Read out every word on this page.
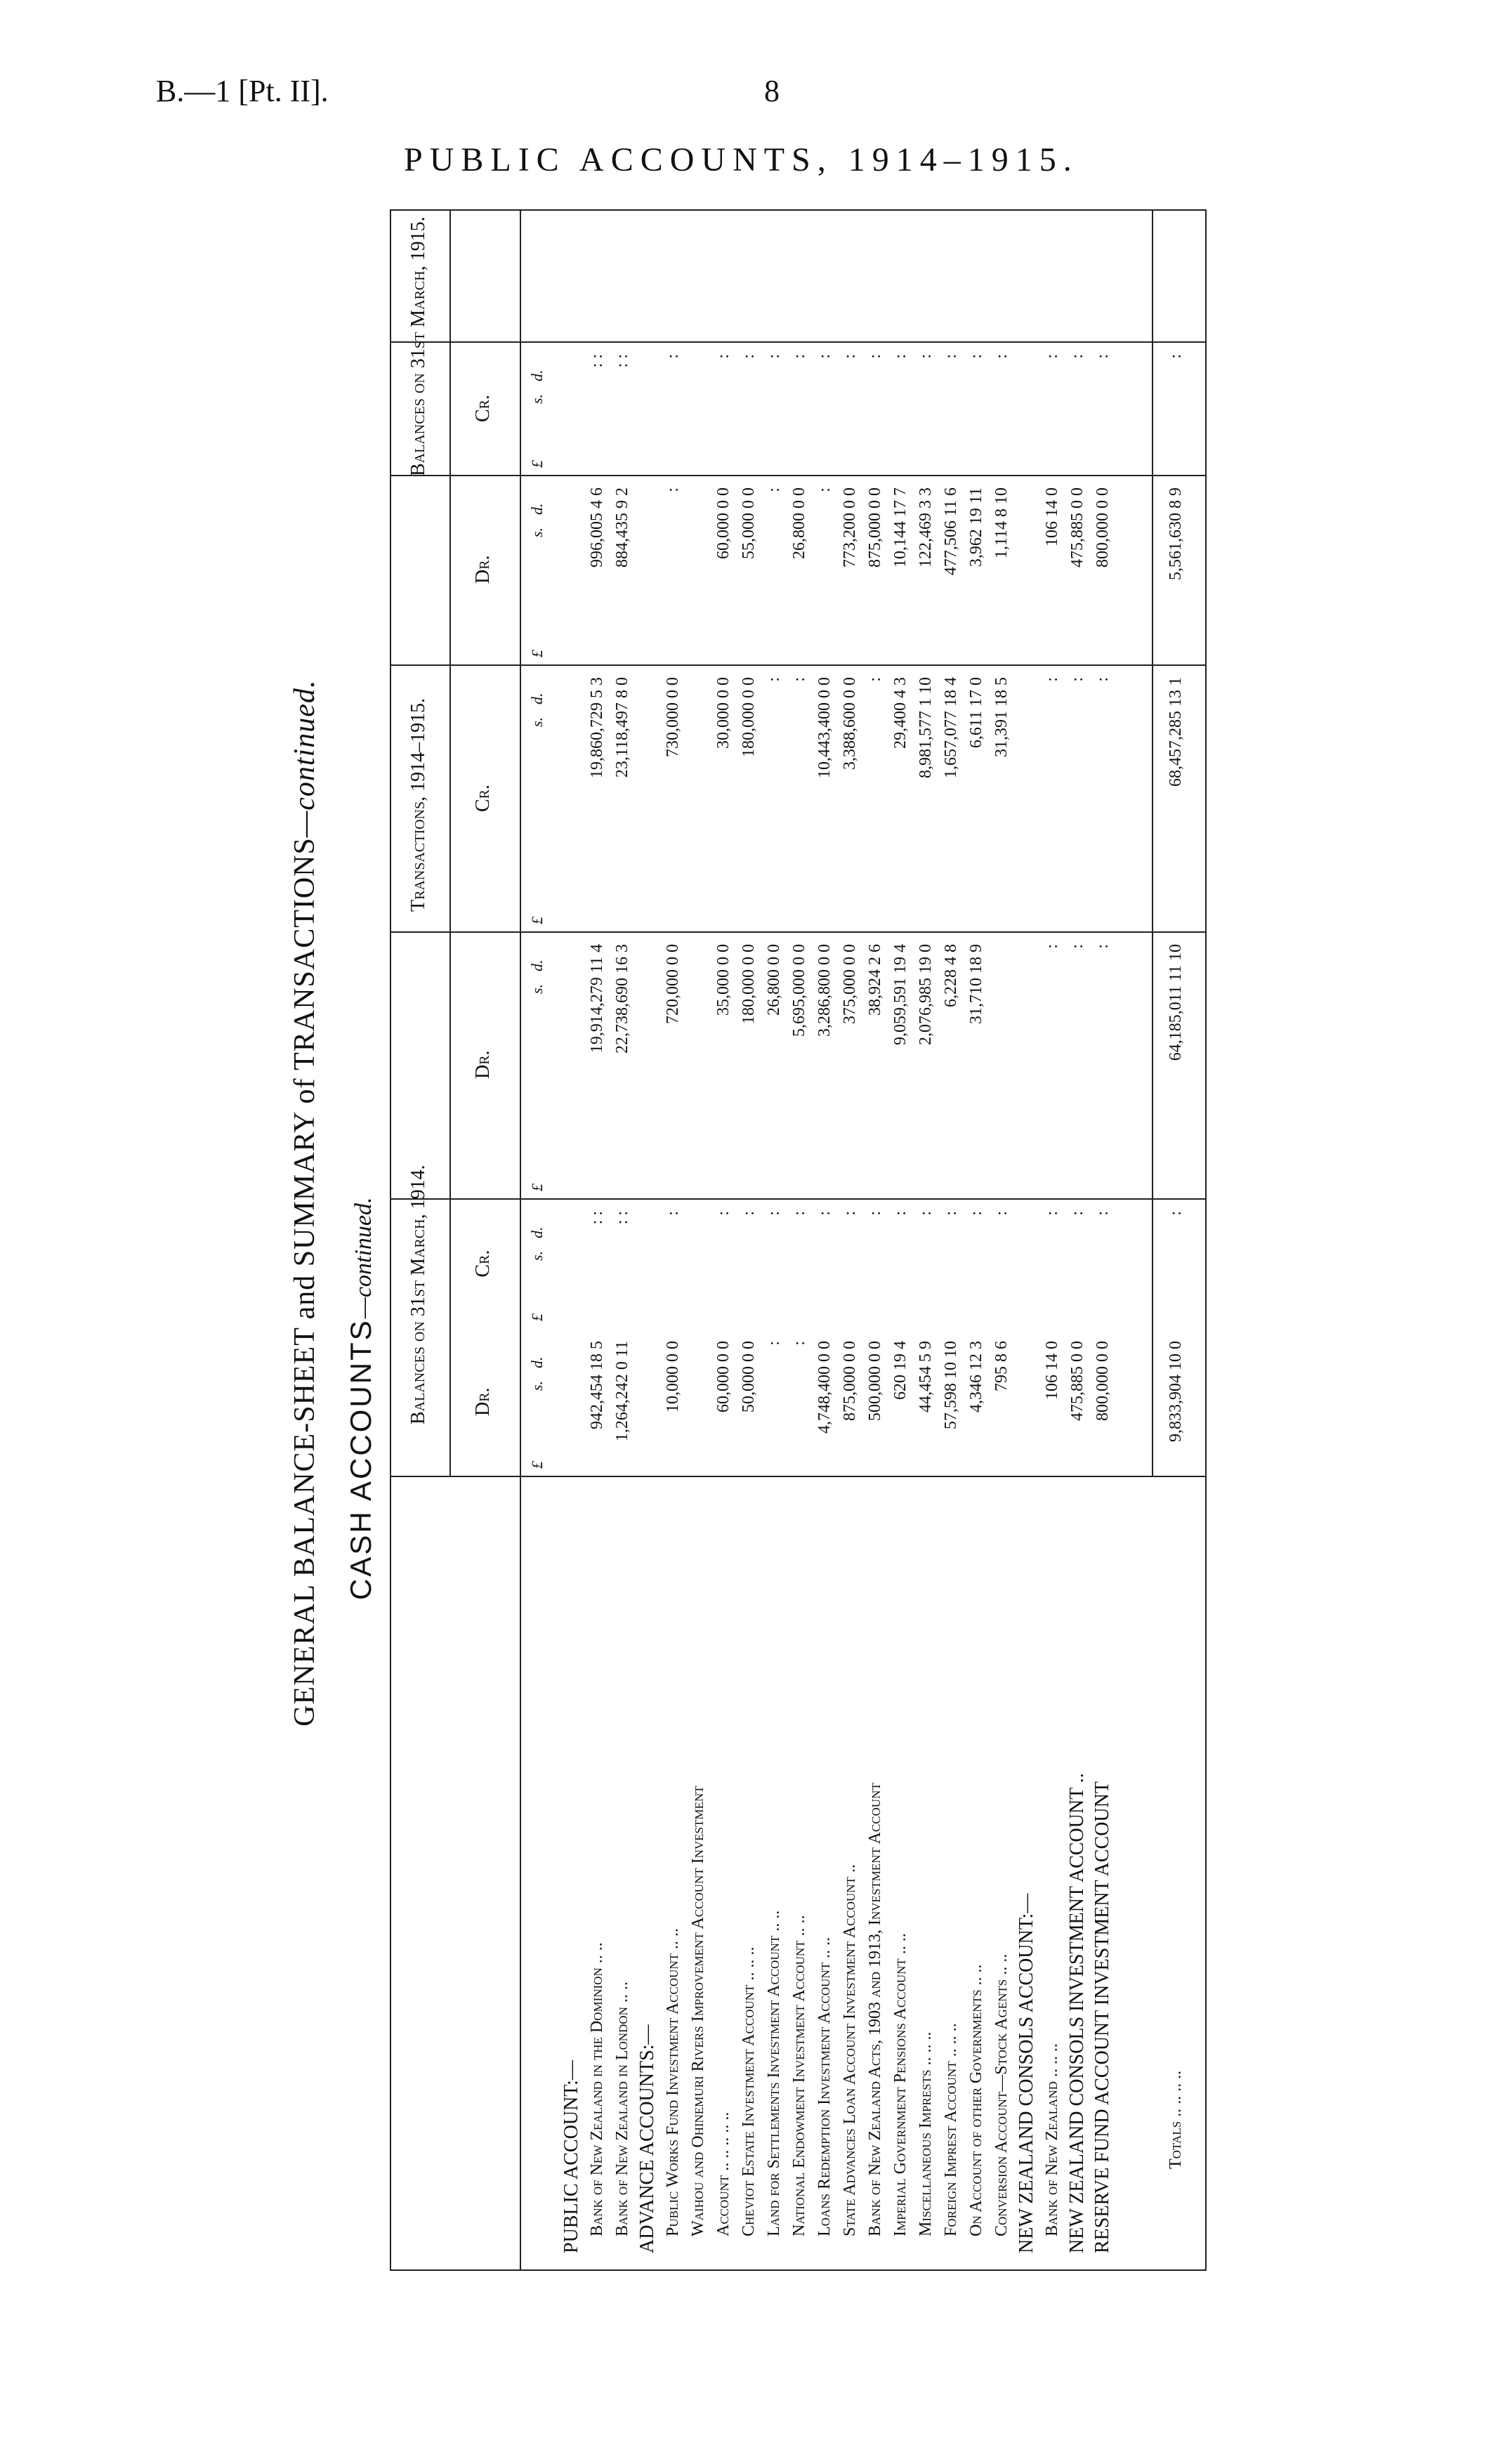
B.—1 [Pt. II].	8
PUBLIC ACCOUNTS, 1914–1915.
GENERAL BALANCE-SHEET and SUMMARY of TRANSACTIONS—continued.
CASH ACCOUNTS—continued. Balances on 31st March, 1914.
Transactions, 1914–1915.
Balances on 31st March, 1915.
Dr.
£s.d.
Cr.
£s.d.
Dr.
£s.d.
Cr.
£s.d.
Dr.
£s.d.
Cr.
£s.d.
PUBLIC ACCOUNT:— Bank of New Zealand in the Dominion .. ..
942,454 18 5
: :
19,914,279 11 4
19,860,729 5 3
996,005 4 6
: :
Bank of New Zealand in London .. ..
1,264,242 0 11
: :
22,738,690 16 3
23,118,497 8 0
884,435 9 2
: :
ADVANCE ACCOUNTS:— Public Works Fund Investment Account .. ..
10,000 0 0
:
720,000 0 0
730,000 0 0
:
:
Waihou and Ohinemuri Rivers Improvement Account Investment Account .. .. .. .. ..
60,000 0 0
:
35,000 0 0
30,000 0 0
60,000 0 0
:
Cheviot Estate Investment Account .. .. ..
50,000 0 0
:
180,000 0 0
180,000 0 0
55,000 0 0
:
Land for Settlements Investment Account .. ..
:
:
26,800 0 0
:
:
:
National Endowment Investment Account .. ..
:
:
5,695,000 0 0
:
26,800 0 0
:
Loans Redemption Investment Account .. ..
4,748,400 0 0
:
3,286,800 0 0
10,443,400 0 0
:
:
State Advances Loan Account Investment Account ..
875,000 0 0
:
375,000 0 0
3,388,600 0 0
773,200 0 0
:
Bank of New Zealand Acts, 1903 and 1913, Investment Account
500,000 0 0
:
38,924 2 6
:
875,000 0 0
:
Imperial Government Pensions Account .. ..
620 19 4
:
9,059,591 19 4
29,400 4 3
10,144 17 7
:
Miscellaneous Imprests .. .. ..
44,454 5 9
:
2,076,985 19 0
8,981,577 1 10
122,469 3 3
:
Foreign Imprest Account .. .. ..
57,598 10 10
:
6,228 4 8
1,657,077 18 4
477,506 11 6
:
On Account of other Governments .. ..
4,346 12 3
:
31,710 18 9
6,611 17 0
3,962 19 11
:
Conversion Account—Stock Agents .. ..
795 8 6
:
31,391 18 5
1,114 8 10
:
NEW ZEALAND CONSOLS ACCOUNT:— Bank of New Zealand .. .. ..
106 14 0
:
:
:
106 14 0
:
NEW ZEALAND CONSOLS INVESTMENT ACCOUNT ..
475,885 0 0
:
:
:
475,885 0 0
:
RESERVE FUND ACCOUNT INVESTMENT ACCOUNT
800,000 0 0
:
:
:
800,000 0 0
:
Totals .. .. .. ..
9,833,904 10 0
:
64,185,011 11 10
68,457,285 13 1
5,561,630 8 9
:
